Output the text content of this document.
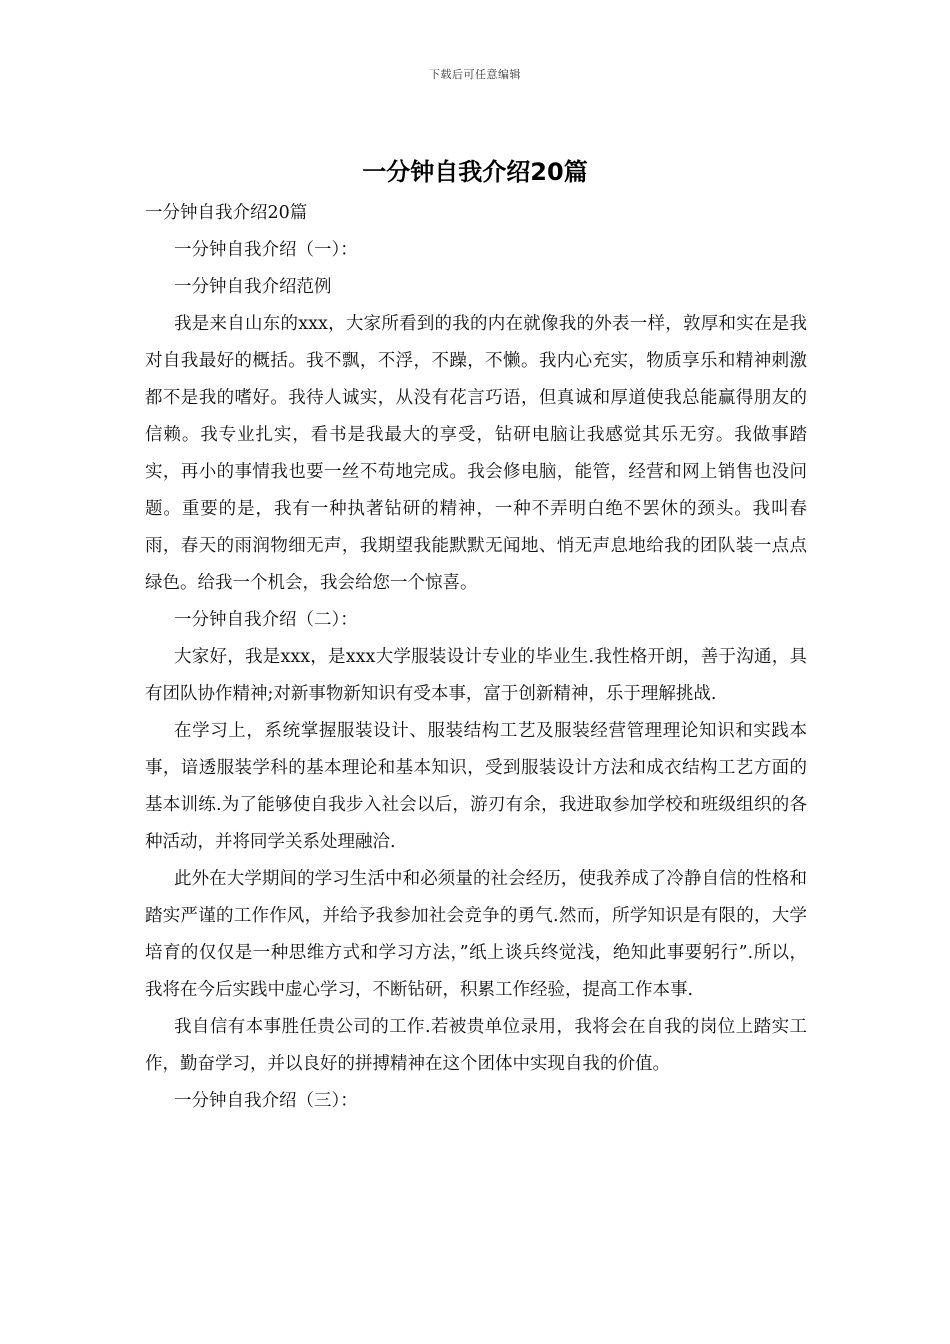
下载后可任意编辑
一分钟自我介绍20篇

一分钟自我介绍20篇

一分钟自我介绍（一）：

一分钟自我介绍范例

我是来自山东的xxx，大家所看到的我的内在就像我的外表一样，敦厚和实在是我对自我最好的概括。我不飘，不浮，不躁，不懒。我内心充实，物质享乐和精神刺激都不是我的嗜好。我待人诚实，从没有花言巧语，但真诚和厚道使我总能赢得朋友的信赖。我专业扎实，看书是我最大的享受，钻研电脑让我感觉其乐无穷。我做事踏实，再小的事情我也要一丝不苟地完成。我会修电脑，能管，经营和网上销售也没问题。重要的是，我有一种执著钻研的精神，一种不弄明白绝不罢休的颈头。我叫春雨，春天的雨润物细无声，我期望我能默默无闻地、悄无声息地给我的团队装一点点绿色。给我一个机会，我会给您一个惊喜。

一分钟自我介绍（二）：

大家好，我是xxx，是xxx大学服装设计专业的毕业生.我性格开朗，善于沟通，具有团队协作精神;对新事物新知识有受本事，富于创新精神，乐于理解挑战.

在学习上，系统掌握服装设计、服装结构工艺及服装经营管理理论知识和实践本事，谙透服装学科的基本理论和基本知识，受到服装设计方法和成衣结构工艺方面的基本训练.为了能够使自我步入社会以后，游刃有余，我进取参加学校和班级组织的各种活动，并将同学关系处理融洽.

此外在大学期间的学习生活中和必须量的社会经历，使我养成了冷静自信的性格和踏实严谨的工作作风，并给予我参加社会竞争的勇气.然而，所学知识是有限的，大学培育的仅仅是一种思维方式和学习方法，”纸上谈兵终觉浅，绝知此事要躬行”.所以，我将在今后实践中虚心学习，不断钻研，积累工作经验，提高工作本事.

我自信有本事胜任贵公司的工作.若被贵单位录用，我将会在自我的岗位上踏实工作，勤奋学习，并以良好的拼搏精神在这个团体中实现自我的价值。

一分钟自我介绍（三）：
